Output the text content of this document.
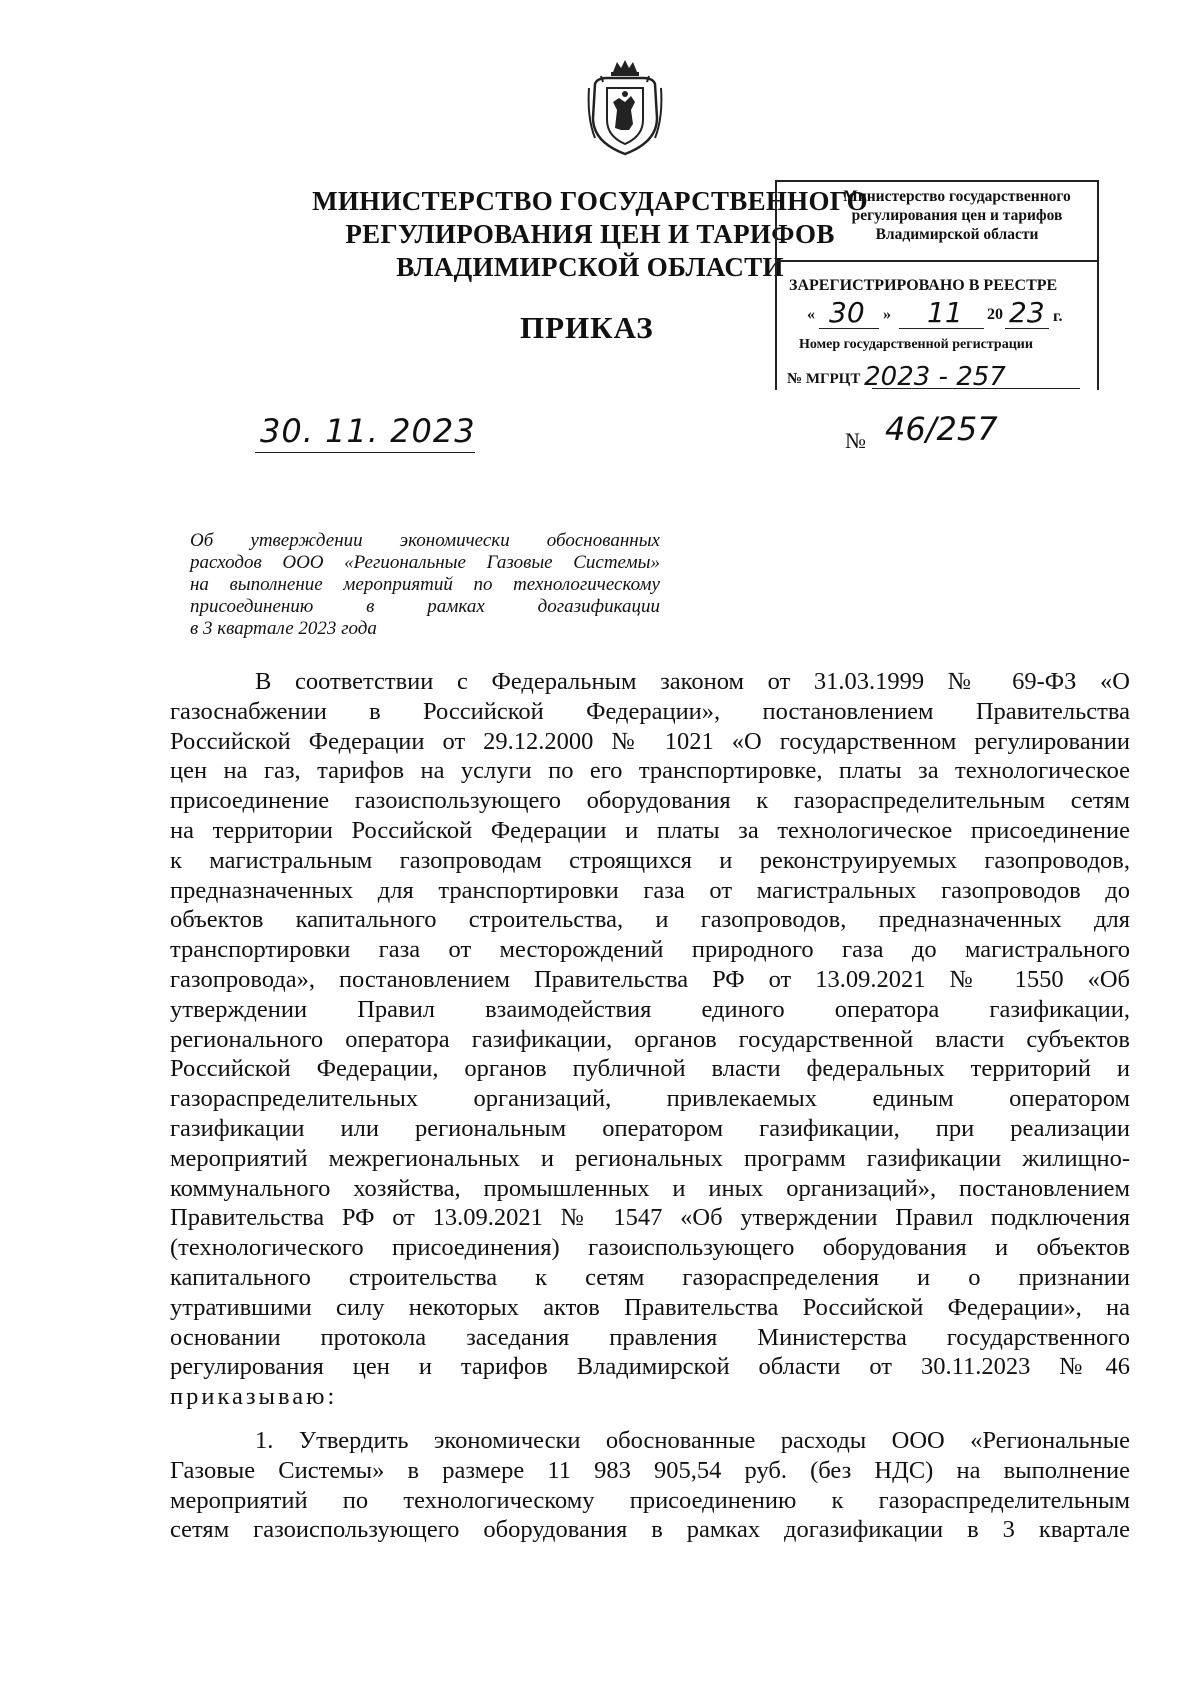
МИНИСТЕРСТВО ГОСУДАРСТВЕННОГО
РЕГУЛИРОВАНИЯ ЦЕН И ТАРИФОВ
ВЛАДИМИРСКОЙ ОБЛАСТИ
ПРИКАЗ
Министерство государственного
регулирования цен и тарифов
Владимирской области
ЗАРЕГИСТРИРОВАНО В РЕЕСТРЕ
« 30 » 11 20 23 г.
Номер государственной регистрации
№ МГРЦТ 2023 - 257
30. 11. 2023	№ 46/257
Об утверждении экономически обоснованных
расходов ООО «Региональные Газовые Системы»
на выполнение мероприятий по технологическому
присоединению в рамках догазификации
в 3 квартале 2023 года
В соответствии с Федеральным законом от 31.03.1999 № 69-ФЗ «О
газоснабжении в Российской Федерации», постановлением Правительства
Российской Федерации от 29.12.2000 № 1021 «О государственном регулировании
цен на газ, тарифов на услуги по его транспортировке, платы за технологическое
присоединение газоиспользующего оборудования к газораспределительным сетям
на территории Российской Федерации и платы за технологическое присоединение
к магистральным газопроводам строящихся и реконструируемых газопроводов,
предназначенных для транспортировки газа от магистральных газопроводов до
объектов капитального строительства, и газопроводов, предназначенных для
транспортировки газа от месторождений природного газа до магистрального
газопровода», постановлением Правительства РФ от 13.09.2021 № 1550 «Об
утверждении Правил взаимодействия единого оператора газификации,
регионального оператора газификации, органов государственной власти субъектов
Российской Федерации, органов публичной власти федеральных территорий и
газораспределительных организаций, привлекаемых единым оператором
газификации или региональным оператором газификации, при реализации
мероприятий межрегиональных и региональных программ газификации жилищно-
коммунального хозяйства, промышленных и иных организаций», постановлением
Правительства РФ от 13.09.2021 № 1547 «Об утверждении Правил подключения
(технологического присоединения) газоиспользующего оборудования и объектов
капитального строительства к сетям газораспределения и о признании
утратившими силу некоторых актов Правительства Российской Федерации», на
основании протокола заседания правления Министерства государственного
регулирования цен и тарифов Владимирской области от 30.11.2023 №46
приказываю:
1. Утвердить экономически обоснованные расходы ООО «Региональные
Газовые Системы» в размере 11 983 905,54 руб. (без НДС) на выполнение
мероприятий по технологическому присоединению к газораспределительным
сетям газоиспользующего оборудования в рамках догазификации в 3 квартале
